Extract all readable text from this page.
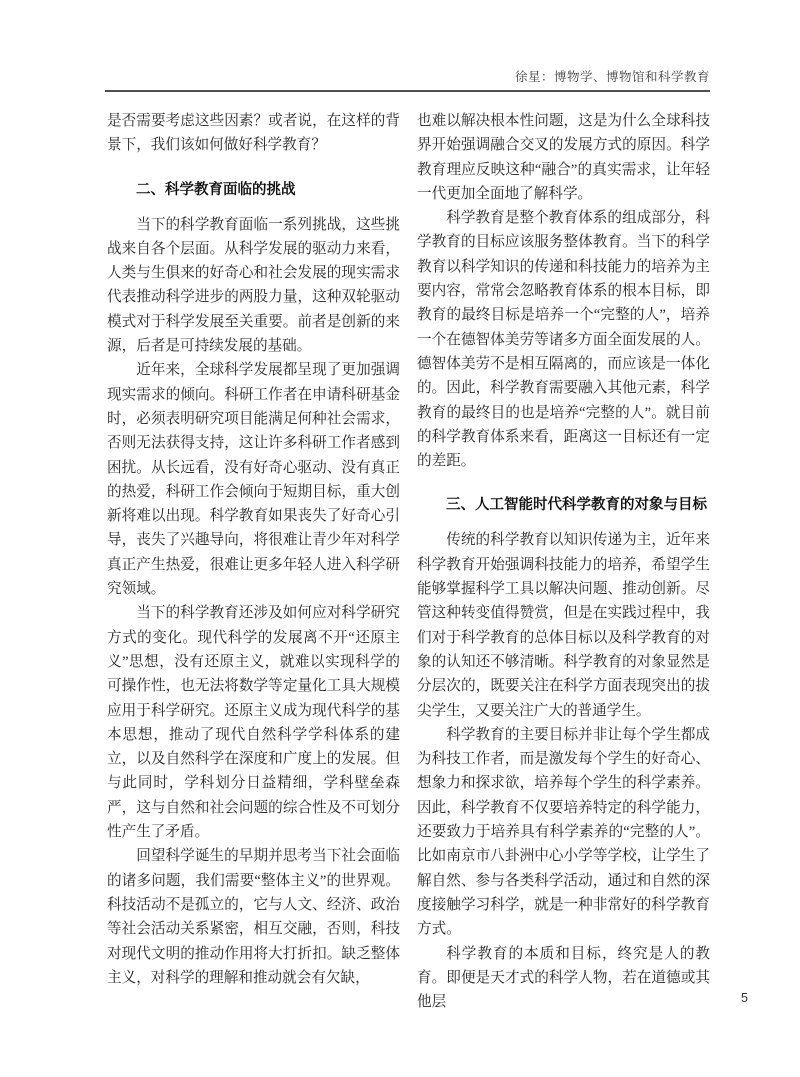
徐星：博物学、博物馆和科学教育

是否需要考虑这些因素？或者说，在这样的背景下，我们该如何做好科学教育？

二、科学教育面临的挑战

当下的科学教育面临一系列挑战，这些挑战来自各个层面。从科学发展的驱动力来看，人类与生俱来的好奇心和社会发展的现实需求代表推动科学进步的两股力量，这种双轮驱动模式对于科学发展至关重要。前者是创新的来源，后者是可持续发展的基础。

近年来，全球科学发展都呈现了更加强调现实需求的倾向。科研工作者在申请科研基金时，必须表明研究项目能满足何种社会需求，否则无法获得支持，这让许多科研工作者感到困扰。从长远看，没有好奇心驱动、没有真正的热爱，科研工作会倾向于短期目标，重大创新将难以出现。科学教育如果丧失了好奇心引导，丧失了兴趣导向，将很难让青少年对科学真正产生热爱，很难让更多年轻人进入科学研究领域。

当下的科学教育还涉及如何应对科学研究方式的变化。现代科学的发展离不开“还原主义”思想，没有还原主义，就难以实现科学的可操作性，也无法将数学等定量化工具大规模应用于科学研究。还原主义成为现代科学的基本思想，推动了现代自然科学学科体系的建立，以及自然科学在深度和广度上的发展。但与此同时，学科划分日益精细，学科壁垒森严，这与自然和社会问题的综合性及不可划分性产生了矛盾。

回望科学诞生的早期并思考当下社会面临的诸多问题，我们需要“整体主义”的世界观。科技活动不是孤立的，它与人文、经济、政治等社会活动关系紧密，相互交融，否则，科技对现代文明的推动作用将大打折扣。缺乏整体主义，对科学的理解和推动就会有欠缺，

也难以解决根本性问题，这是为什么全球科技界开始强调融合交叉的发展方式的原因。科学教育理应反映这种“融合”的真实需求，让年轻一代更加全面地了解科学。

科学教育是整个教育体系的组成部分，科学教育的目标应该服务整体教育。当下的科学教育以科学知识的传递和科技能力的培养为主要内容，常常会忽略教育体系的根本目标，即教育的最终目标是培养一个“完整的人”，培养一个在德智体美劳等诸多方面全面发展的人。德智体美劳不是相互隔离的，而应该是一体化的。因此，科学教育需要融入其他元素，科学教育的最终目的也是培养“完整的人”。就目前的科学教育体系来看，距离这一目标还有一定的差距。

三、人工智能时代科学教育的对象与目标

传统的科学教育以知识传递为主，近年来科学教育开始强调科技能力的培养，希望学生能够掌握科学工具以解决问题、推动创新。尽管这种转变值得赞赏，但是在实践过程中，我们对于科学教育的总体目标以及科学教育的对象的认知还不够清晰。科学教育的对象显然是分层次的，既要关注在科学方面表现突出的拔尖学生，又要关注广大的普通学生。

科学教育的主要目标并非让每个学生都成为科技工作者，而是激发每个学生的好奇心、想象力和探求欲，培养每个学生的科学素养。因此，科学教育不仅要培养特定的科学能力，还要致力于培养具有科学素养的“完整的人”。比如南京市八卦洲中心小学等学校，让学生了解自然、参与各类科学活动，通过和自然的深度接触学习科学，就是一种非常好的科学教育方式。

科学教育的本质和目标，终究是人的教育。即便是天才式的科学人物，若在道德或其他层	5
